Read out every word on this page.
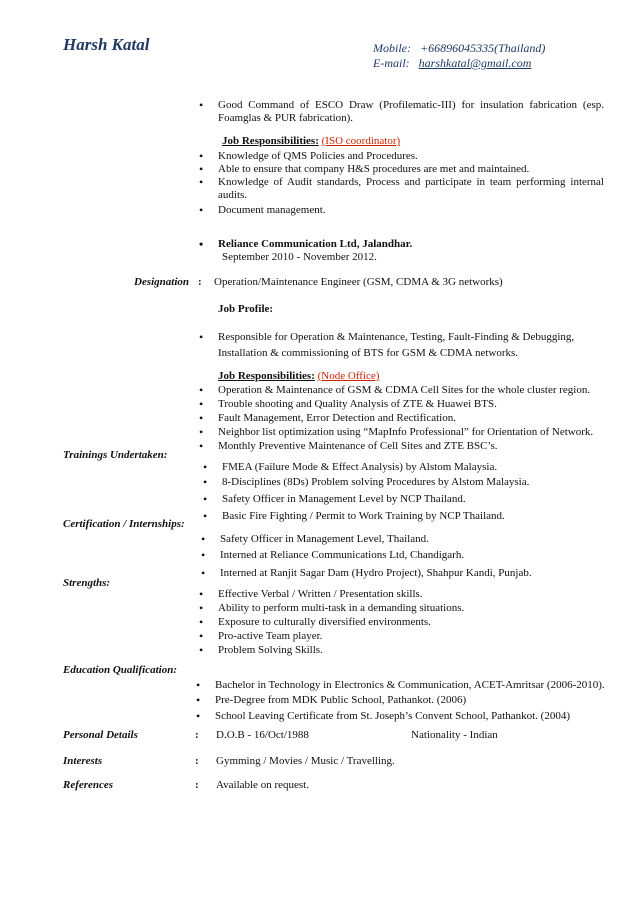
Harsh Katal	Mobile: +66896045335(Thailand)
E-mail: harshkatal@gmail.com
• Good Command of ESCO Draw (Profilematic-III) for insulation fabrication (esp. Foamglas & PUR fabrication).
Job Responsibilities: (ISO coordinator)
• Knowledge of QMS Policies and Procedures.
• Able to ensure that company H&S procedures are met and maintained.
• Knowledge of Audit standards, Process and participate in team performing internal audits.
• Document management.
• Reliance Communication Ltd, Jalandhar.
September 2010 - November 2012.
Designation : Operation/Maintenance Engineer (GSM, CDMA & 3G networks)
Job Profile:
• Responsible for Operation & Maintenance, Testing, Fault-Finding & Debugging, Installation & commissioning of BTS for GSM & CDMA networks.
Job Responsibilities: (Node Office)
• Operation & Maintenance of GSM & CDMA Cell Sites for the whole cluster region.
• Trouble shooting and Quality Analysis of ZTE & Huawei BTS.
• Fault Management, Error Detection and Rectification.
• Neighbor list optimization using “MapInfo Professional” for Orientation of Network.
• Monthly Preventive Maintenance of Cell Sites and ZTE BSC’s.
Trainings Undertaken:
• FMEA (Failure Mode & Effect Analysis) by Alstom Malaysia.
• 8-Disciplines (8Ds) Problem solving Procedures by Alstom Malaysia.
• Safety Officer in Management Level by NCP Thailand.
• Basic Fire Fighting / Permit to Work Training by NCP Thailand.
Certification / Internships:
• Safety Officer in Management Level, Thailand.
• Interned at Reliance Communications Ltd, Chandigarh.
• Interned at Ranjit Sagar Dam (Hydro Project), Shahpur Kandi, Punjab.
Strengths:
• Effective Verbal / Written / Presentation skills.
• Ability to perform multi-task in a demanding situations.
• Exposure to culturally diversified environments.
• Pro-active Team player.
• Problem Solving Skills.
Education Qualification:
• Bachelor in Technology in Electronics & Communication, ACET-Amritsar (2006-2010).
• Pre-Degree from MDK Public School, Pathankot. (2006)
• School Leaving Certificate from St. Joseph’s Convent School, Pathankot. (2004)
Personal Details	: D.O.B - 16/Oct/1988	Nationality - Indian
Interests	: Gymming / Movies / Music / Travelling.
References	: Available on request.
